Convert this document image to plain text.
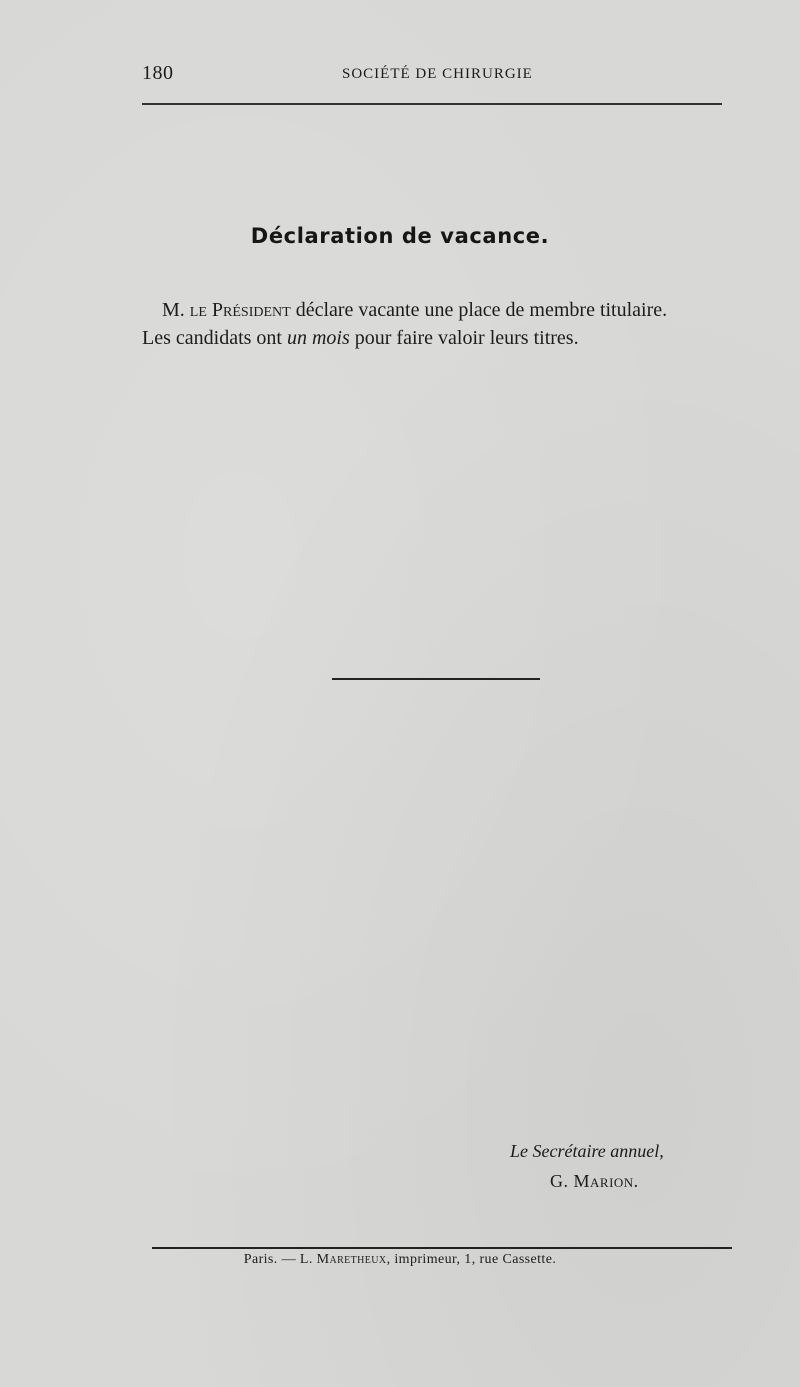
180	SOCIÉTÉ DE CHIRURGIE
Déclaration de vacance.
M. le Président déclare vacante une place de membre titulaire.
Les candidats ont un mois pour faire valoir leurs titres.
Le Secrétaire annuel,
G. Marion.
Paris. — L. Maretheux, imprimeur, 1, rue Cassette.
